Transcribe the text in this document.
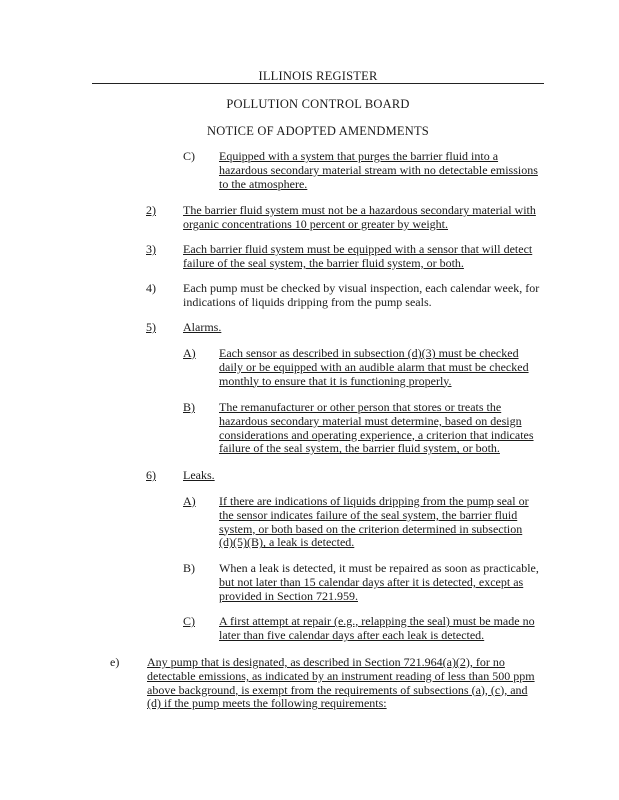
ILLINOIS REGISTER
POLLUTION CONTROL BOARD
NOTICE OF ADOPTED AMENDMENTS
C) Equipped with a system that purges the barrier fluid into a
hazardous secondary material stream with no detectable emissions
to the atmosphere.
2) The barrier fluid system must not be a hazardous secondary material with
organic concentrations 10 percent or greater by weight.
3) Each barrier fluid system must be equipped with a sensor that will detect
failure of the seal system, the barrier fluid system, or both.
4) Each pump must be checked by visual inspection, each calendar week, for
indications of liquids dripping from the pump seals.
5) Alarms.
A) Each sensor as described in subsection (d)(3) must be checked
daily or be equipped with an audible alarm that must be checked
monthly to ensure that it is functioning properly.
B) The remanufacturer or other person that stores or treats the
hazardous secondary material must determine, based on design
considerations and operating experience, a criterion that indicates
failure of the seal system, the barrier fluid system, or both.
6) Leaks.
A) If there are indications of liquids dripping from the pump seal or
the sensor indicates failure of the seal system, the barrier fluid
system, or both based on the criterion determined in subsection
(d)(5)(B), a leak is detected.
B) When a leak is detected, it must be repaired as soon as practicable,
but not later than 15 calendar days after it is detected, except as
provided in Section 721.959.
C) A first attempt at repair (e.g., relapping the seal) must be made no
later than five calendar days after each leak is detected.
e) Any pump that is designated, as described in Section 721.964(a)(2), for no
detectable emissions, as indicated by an instrument reading of less than 500 ppm
above background, is exempt from the requirements of subsections (a), (c), and
(d) if the pump meets the following requirements:
